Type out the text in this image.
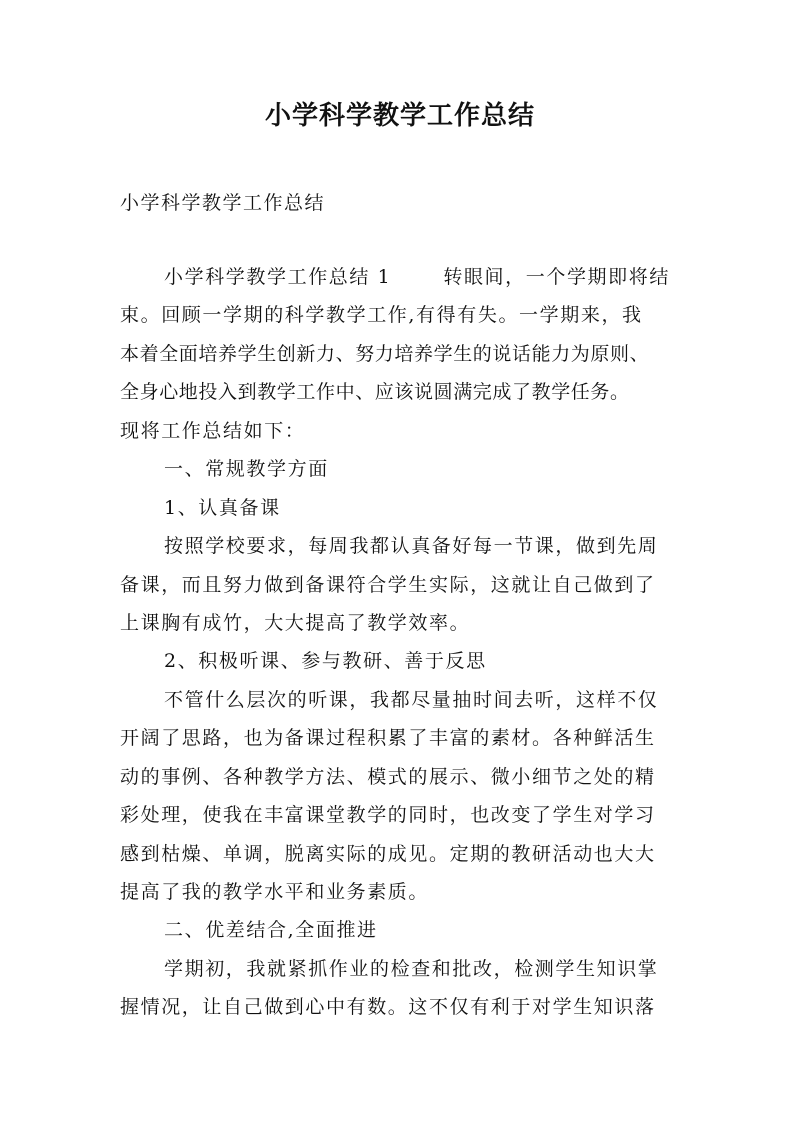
小学科学教学工作总结
小学科学教学工作总结
小学科学教学工作总结 1	转眼间，一个学期即将结
束。回顾一学期的科学教学工作,有得有失。一学期来，我
本着全面培养学生创新力、努力培养学生的说话能力为原则、
全身心地投入到教学工作中、应该说圆满完成了教学任务。
现将工作总结如下：
一、常规教学方面
1、认真备课
按照学校要求，每周我都认真备好每一节课，做到先周
备课，而且努力做到备课符合学生实际，这就让自己做到了
上课胸有成竹，大大提高了教学效率。
2、积极听课、参与教研、善于反思
不管什么层次的听课，我都尽量抽时间去听，这样不仅
开阔了思路，也为备课过程积累了丰富的素材。各种鲜活生
动的事例、各种教学方法、模式的展示、微小细节之处的精
彩处理，使我在丰富课堂教学的同时，也改变了学生对学习
感到枯燥、单调，脱离实际的成见。定期的教研活动也大大
提高了我的教学水平和业务素质。
二、优差结合,全面推进
学期初，我就紧抓作业的检查和批改，检测学生知识掌
握情况，让自己做到心中有数。这不仅有利于对学生知识落
